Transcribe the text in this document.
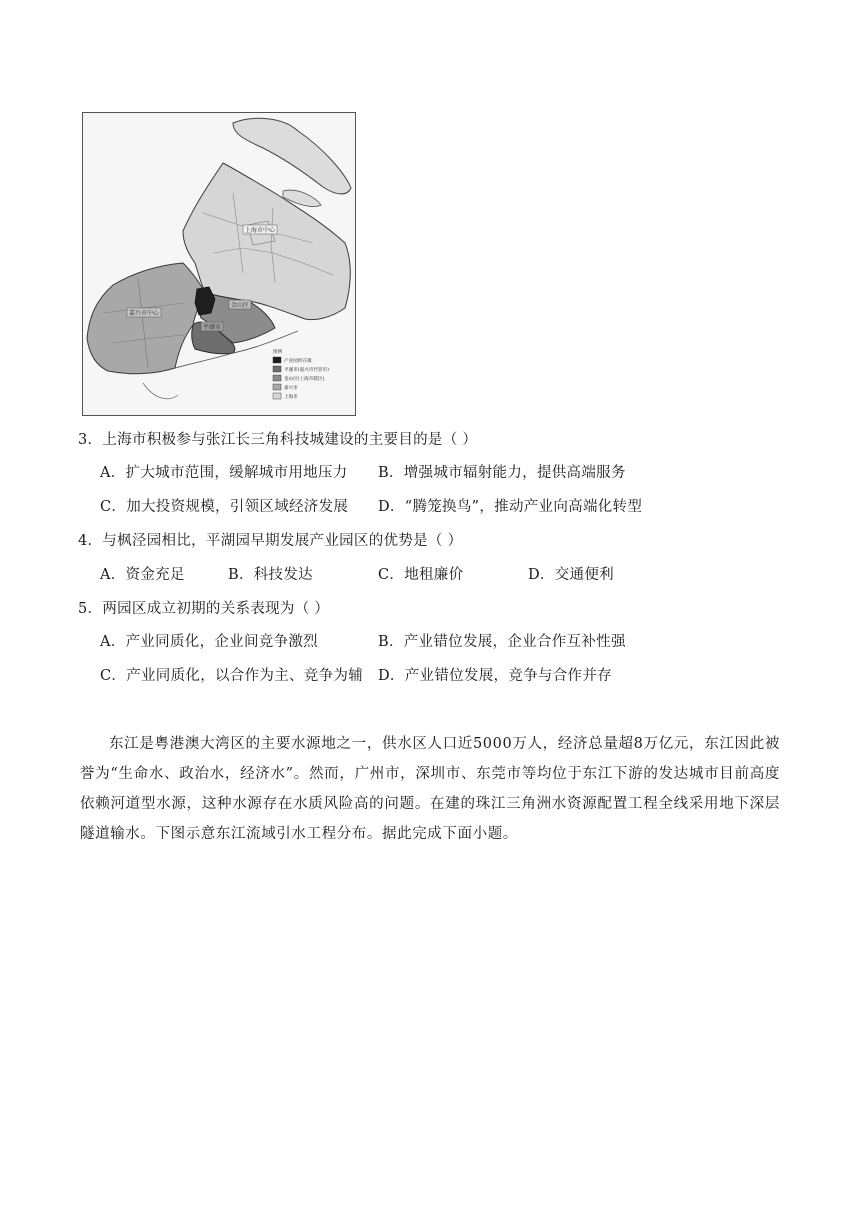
上海市中心
金山区
嘉兴市中心
平湖市
图例
产业园所在镇
平湖市(嘉兴市代管市)
金山区(上海市辖区)
嘉兴市
上海市
3．上海市积极参与张江长三角科技城建设的主要目的是（ ）
A．扩大城市范围，缓解城市用地压力 B．增强城市辐射能力，提供高端服务
C．加大投资规模，引领区域经济发展 D．“腾笼换鸟”，推动产业向高端化转型
4．与枫泾园相比，平湖园早期发展产业园区的优势是（ ）
A．资金充足	B．科技发达	C．地租廉价	D．交通便利
5．两园区成立初期的关系表现为（ ）
A．产业同质化，企业间竞争激烈	B．产业错位发展，企业合作互补性强
C．产业同质化，以合作为主、竞争为辅 D．产业错位发展，竞争与合作并存

东江是粤港澳大湾区的主要水源地之一，供水区人口近5000万人，经济总量超8万亿元，东江因此被誉为“生命水、政治水，经济水”。然而，广州市，深圳市、东莞市等均位于东江下游的发达城市目前高度依赖河道型水源，这种水源存在水质风险高的问题。在建的珠江三角洲水资源配置工程全线采用地下深层隧道输水。下图示意东江流域引水工程分布。据此完成下面小题。
